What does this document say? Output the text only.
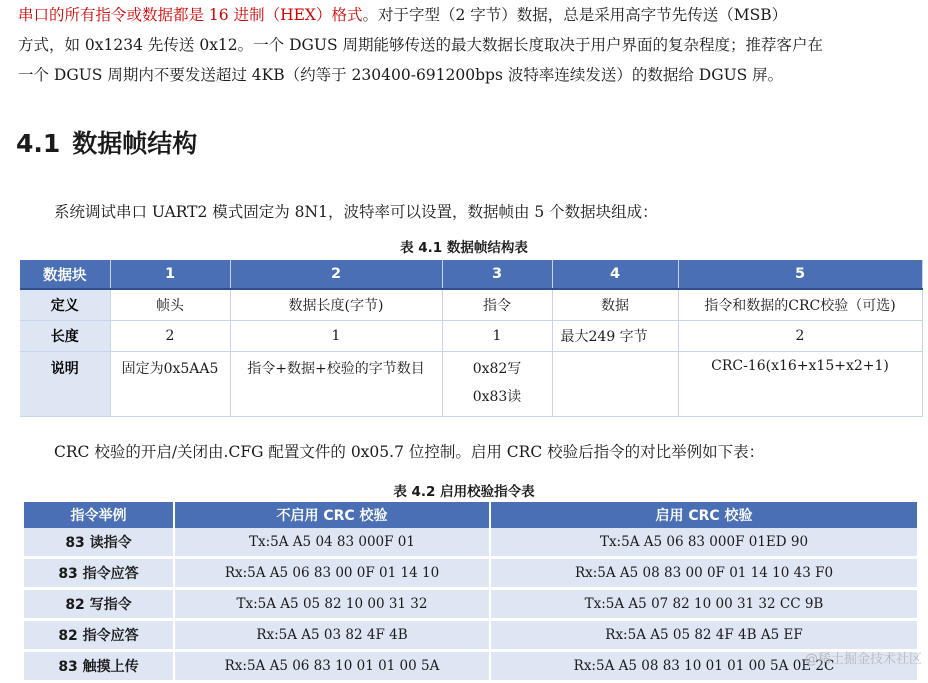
串口的所有指令或数据都是 16 进制（HEX）格式。对于字型（2 字节）数据，总是采用高字节先传送（MSB）

方式，如 0x1234 先传送 0x12。一个 DGUS 周期能够传送的最大数据长度取决于用户界面的复杂程度；推荐客户在

一个 DGUS 周期内不要发送超过 4KB（约等于 230400-691200bps 波特率连续发送）的数据给 DGUS 屏。

4.1 数据帧结构
系统调试串口 UART2 模式固定为 8N1，波特率可以设置，数据帧由 5 个数据块组成：
表 4.1 数据帧结构表
数据块	1	2	3	4	5
定义	帧头	数据长度(字节)	指令	数据	指令和数据的CRC校验（可选)
长度	2	1	1	最大249 字节	2
说明	固定为0x5AA5	指令+数据+校验的字节数目	0x82写
0x83读		CRC-16(x16+x15+x2+1)
CRC 校验的开启/关闭由.CFG 配置文件的 0x05.7 位控制。启用 CRC 校验后指令的对比举例如下表：
表 4.2 启用校验指令表
指令举例	不启用 CRC 校验	启用 CRC 校验
83 读指令	Tx:5A A5 04 83 000F 01	Tx:5A A5 06 83 000F 01ED 90
83 指令应答	Rx:5A A5 06 83 00 0F 01 14 10	Rx:5A A5 08 83 00 0F 01 14 10 43 F0
82 写指令	Tx:5A A5 05 82 10 00 31 32	Tx:5A A5 07 82 10 00 31 32 CC 9B
82 指令应答	Rx:5A A5 03 82 4F 4B	Rx:5A A5 05 82 4F 4B A5 EF
83 触摸上传	Rx:5A A5 06 83 10 01 01 00 5A	Rx:5A A5 08 83 10 01 01 00 5A 0E 2C
@稀土掘金技术社区
